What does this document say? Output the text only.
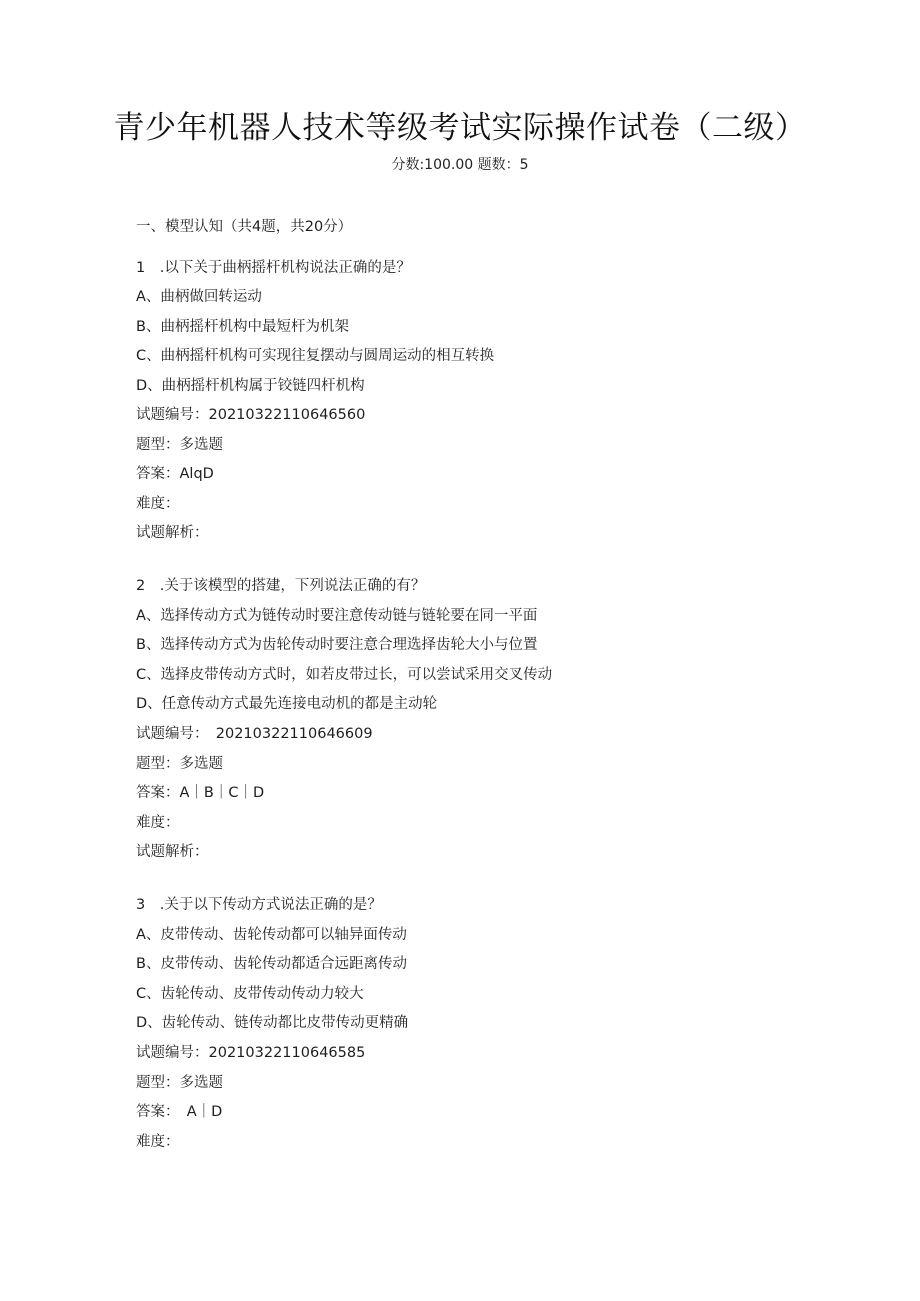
青少年机器人技术等级考试实际操作试卷（二级）
分数:100.00 题数：5
一、模型认知（共4题，共20分）
1　.以下关于曲柄摇杆机构说法正确的是？
A、曲柄做回转运动
B、曲柄摇杆机构中最短杆为机架
C、曲柄摇杆机构可实现往复摆动与圆周运动的相互转换
D、曲柄摇杆机构属于铰链四杆机构
试题编号：20210322110646560
题型：多选题
答案：AlqD
难度：
试题解析：
2　.关于该模型的搭建，下列说法正确的有？
A、选择传动方式为链传动时要注意传动链与链轮要在同一平面
B、选择传动方式为齿轮传动时要注意合理选择齿轮大小与位置
C、选择皮带传动方式时，如若皮带过长，可以尝试采用交叉传动
D、任意传动方式最先连接电动机的都是主动轮
试题编号：　20210322110646609
题型：多选题
答案：A｜B｜C｜D
难度：
试题解析：
3　.关于以下传动方式说法正确的是？
A、皮带传动、齿轮传动都可以轴异面传动
B、皮带传动、齿轮传动都适合远距离传动
C、齿轮传动、皮带传动传动力较大
D、齿轮传动、链传动都比皮带传动更精确
试题编号：20210322110646585
题型：多选题
答案：　A｜D
难度：
